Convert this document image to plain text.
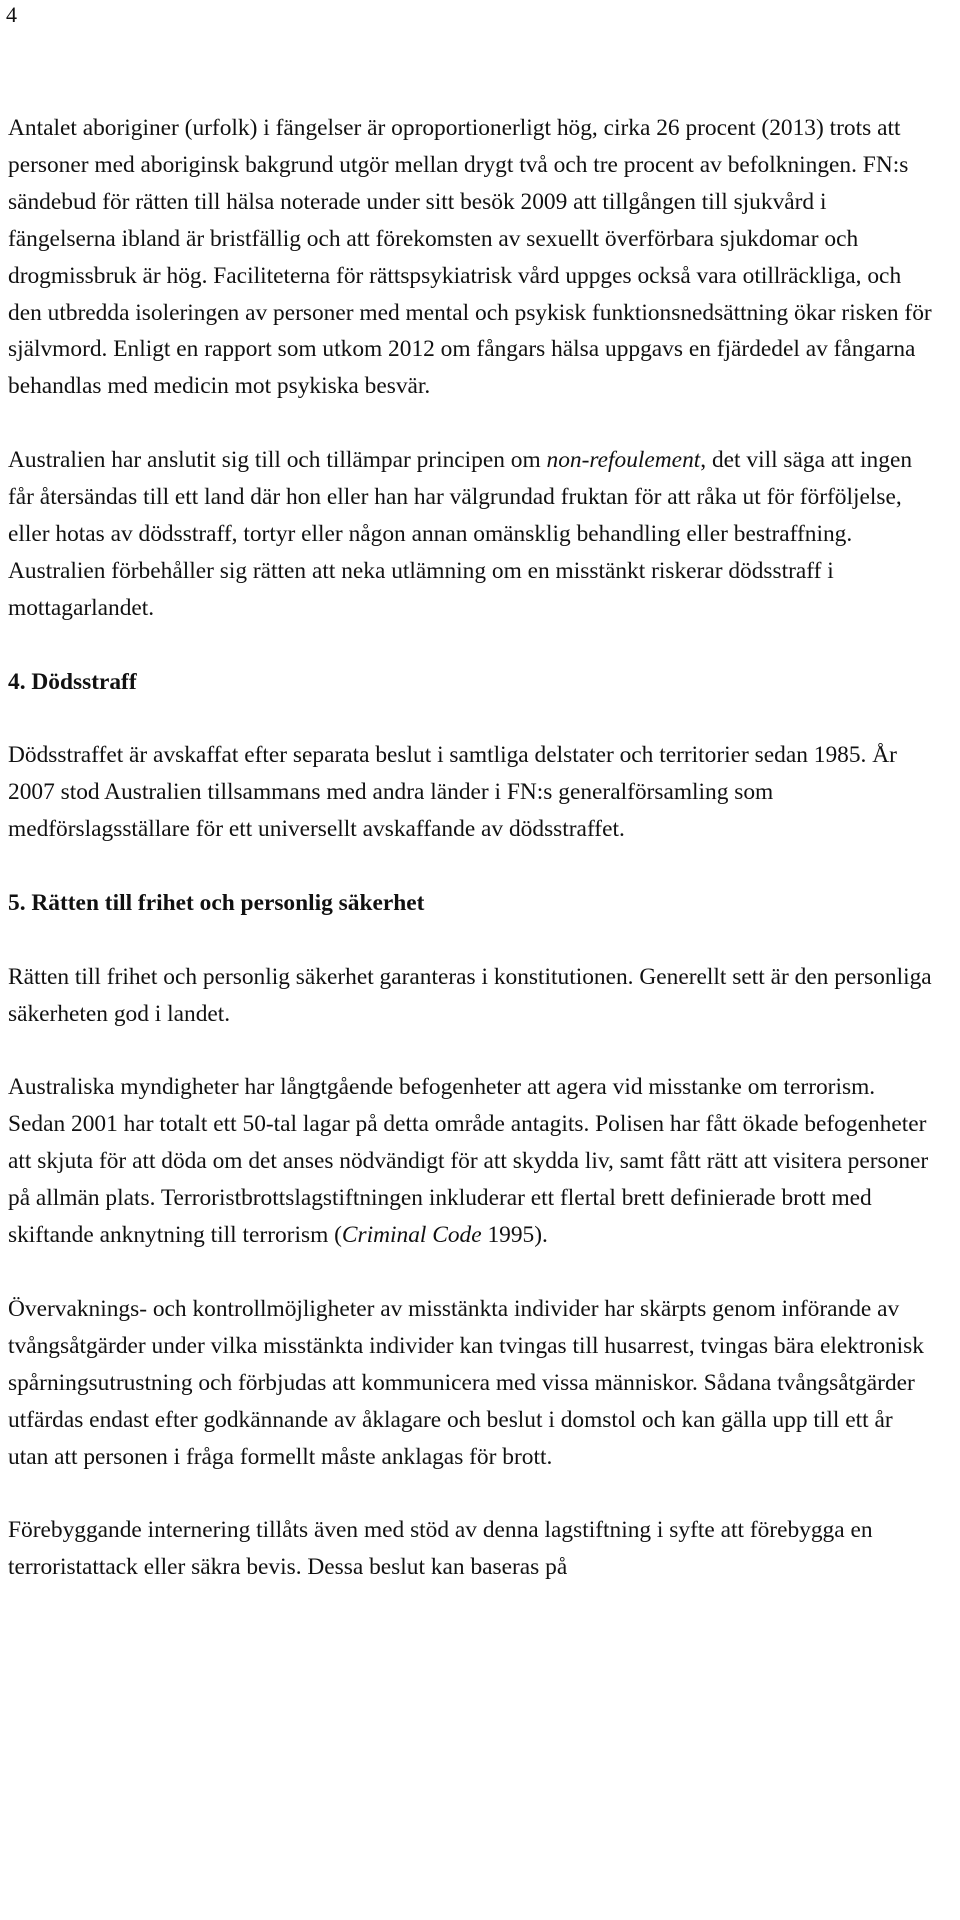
4

Antalet aboriginer (urfolk) i fängelser är oproportionerligt hög, cirka 26 procent (2013) trots att personer med aboriginsk bakgrund utgör mellan drygt två och tre procent av befolkningen. FN:s sändebud för rätten till hälsa noterade under sitt besök 2009 att tillgången till sjukvård i fängelserna ibland är bristfällig och att förekomsten av sexuellt överförbara sjukdomar och drogmissbruk är hög. Faciliteterna för rättspsykiatrisk vård uppges också vara otillräckliga, och den utbredda isoleringen av personer med mental och psykisk funktionsnedsättning ökar risken för självmord. Enligt en rapport som utkom 2012 om fångars hälsa uppgavs en fjärdedel av fångarna behandlas med medicin mot psykiska besvär.

Australien har anslutit sig till och tillämpar principen om non-refoulement, det vill säga att ingen får återsändas till ett land där hon eller han har välgrundad fruktan för att råka ut för förföljelse, eller hotas av dödsstraff, tortyr eller någon annan omänsklig behandling eller bestraffning. Australien förbehåller sig rätten att neka utlämning om en misstänkt riskerar dödsstraff i mottagarlandet.

4. Dödsstraff

Dödsstraffet är avskaffat efter separata beslut i samtliga delstater och territorier sedan 1985. År 2007 stod Australien tillsammans med andra länder i FN:s generalförsamling som medförslagsställare för ett universellt avskaffande av dödsstraffet.

5. Rätten till frihet och personlig säkerhet

Rätten till frihet och personlig säkerhet garanteras i konstitutionen. Generellt sett är den personliga säkerheten god i landet.

Australiska myndigheter har långtgående befogenheter att agera vid misstanke om terrorism. Sedan 2001 har totalt ett 50-tal lagar på detta område antagits. Polisen har fått ökade befogenheter att skjuta för att döda om det anses nödvändigt för att skydda liv, samt fått rätt att visitera personer på allmän plats. Terroristbrottslagstiftningen inkluderar ett flertal brett definierade brott med skiftande anknytning till terrorism (Criminal Code 1995).

Övervaknings- och kontrollmöjligheter av misstänkta individer har skärpts genom införande av tvångsåtgärder under vilka misstänkta individer kan tvingas till husarrest, tvingas bära elektronisk spårningsutrustning och förbjudas att kommunicera med vissa människor. Sådana tvångsåtgärder utfärdas endast efter godkännande av åklagare och beslut i domstol och kan gälla upp till ett år utan att personen i fråga formellt måste anklagas för brott.

Förebyggande internering tillåts även med stöd av denna lagstiftning i syfte att förebygga en terroristattack eller säkra bevis. Dessa beslut kan baseras på
